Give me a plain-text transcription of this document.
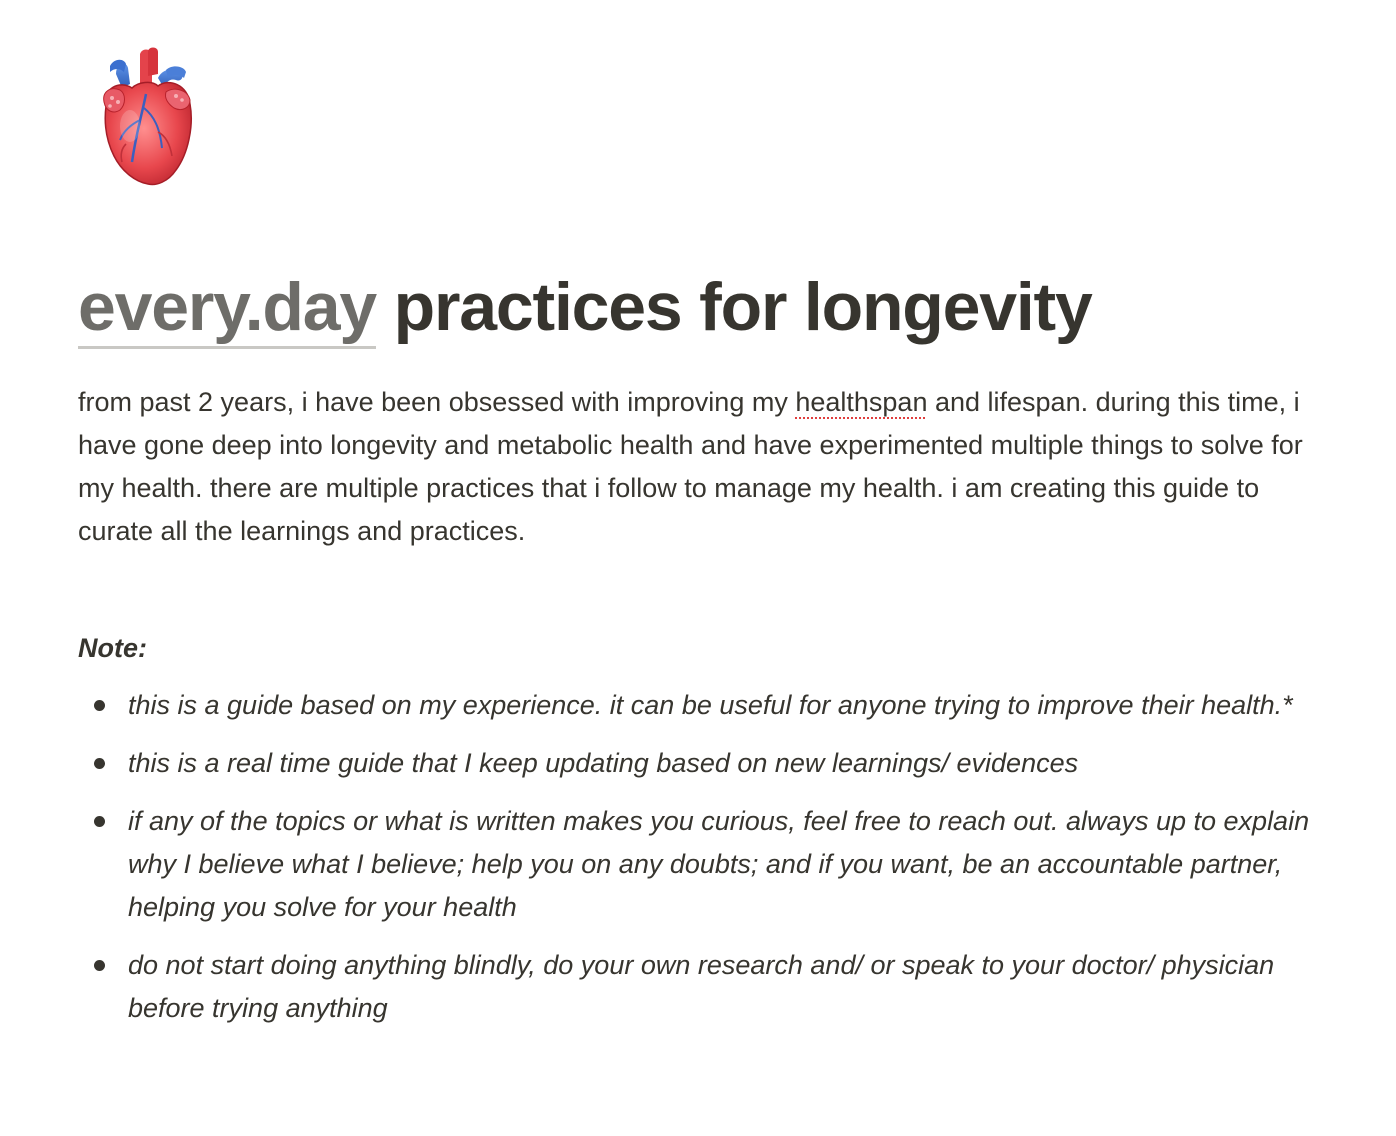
every.day practices for longevity

from past 2 years, i have been obsessed with improving my healthspan and lifespan. during this time, i have gone deep into longevity and metabolic health and have experimented multiple things to solve for my health. there are multiple practices that i follow to manage my health. i am creating this guide to curate all the learnings and practices.

Note:

this is a guide based on my experience. it can be useful for anyone trying to improve their health.*
this is a real time guide that I keep updating based on new learnings/ evidences
if any of the topics or what is written makes you curious, feel free to reach out. always up to explain why I believe what I believe; help you on any doubts; and if you want, be an accountable partner, helping you solve for your health
do not start doing anything blindly, do your own research and/ or speak to your doctor/ physician before trying anything
